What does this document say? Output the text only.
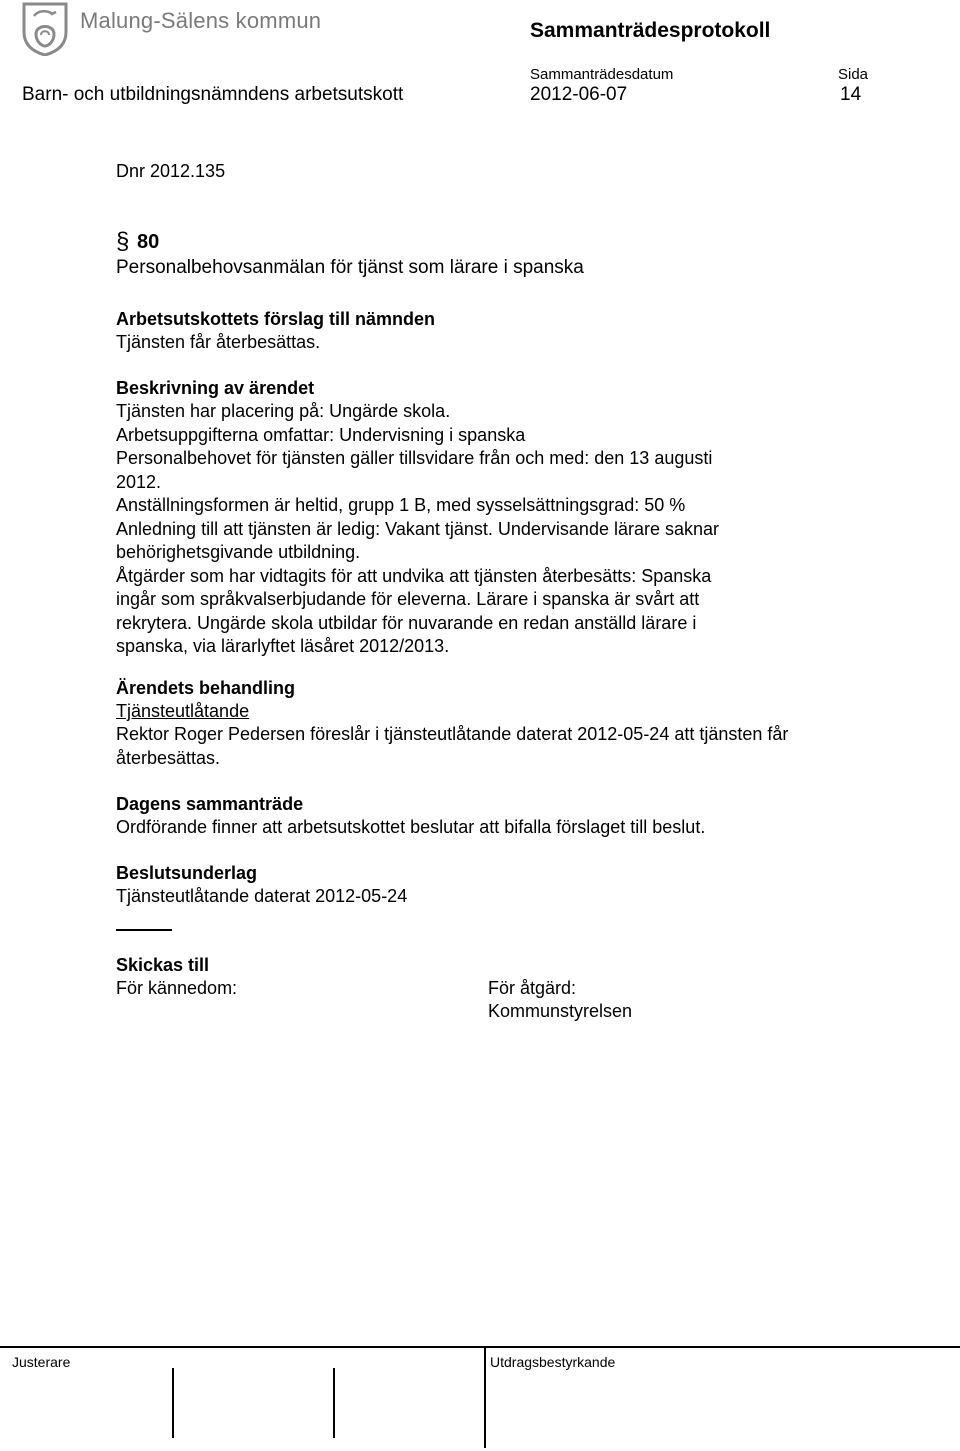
Malung-Sälens kommun	Sammanträdesprotokoll
Sammanträdesdatum	Sida
Barn- och utbildningsnämndens arbetsutskott	2012-06-07	14
Dnr 2012.135
§ 80
Personalbehovsanmälan för tjänst som lärare i spanska
Arbetsutskottets förslag till nämnden
Tjänsten får återbesättas.
Beskrivning av ärendet
Tjänsten har placering på: Ungärde skola.
Arbetsuppgifterna omfattar: Undervisning i spanska
Personalbehovet för tjänsten gäller tillsvidare från och med: den 13 augusti
2012.
Anställningsformen är heltid, grupp 1 B, med sysselsättningsgrad: 50 %
Anledning till att tjänsten är ledig: Vakant tjänst. Undervisande lärare saknar
behörighetsgivande utbildning.
Åtgärder som har vidtagits för att undvika att tjänsten återbesätts: Spanska
ingår som språkvalserbjudande för eleverna. Lärare i spanska är svårt att
rekrytera. Ungärde skola utbildar för nuvarande en redan anställd lärare i
spanska, via lärarlyftet läsåret 2012/2013.
Ärendets behandling
Tjänsteutlåtande
Rektor Roger Pedersen föreslår i tjänsteutlåtande daterat 2012-05-24 att tjänsten får
återbesättas.
Dagens sammanträde
Ordförande finner att arbetsutskottet beslutar att bifalla förslaget till beslut.
Beslutsunderlag
Tjänsteutlåtande daterat 2012-05-24
Skickas till
För kännedom:	För åtgärd:
Kommunstyrelsen
Justerare	Utdragsbestyrkande
